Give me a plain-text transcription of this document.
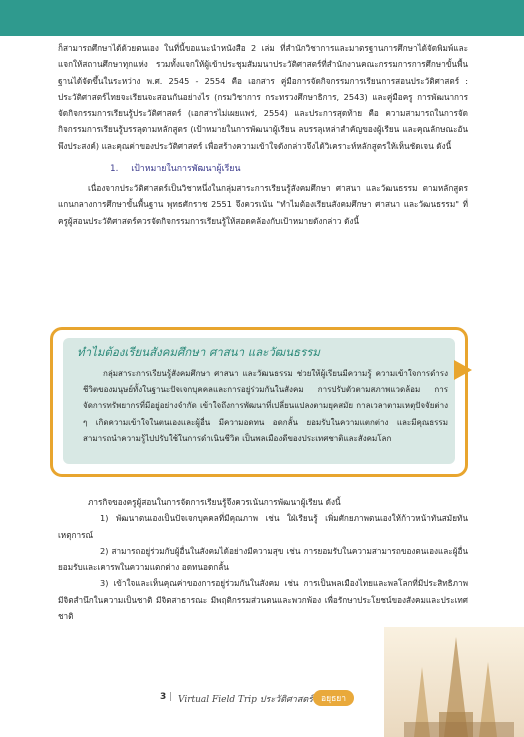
ก็สามารถศึกษาได้ด้วยตนเอง ในที่นี้ขอแนะนำหนังสือ 2 เล่ม ที่สำนักวิชาการและมาตรฐานการศึกษาได้จัดพิมพ์และแจกให้สถานศึกษาทุกแห่ง รวมทั้งแจกให้ผู้เข้าประชุมสัมมนาประวัติศาสตร์ที่สำนักงานคณะกรรมการการศึกษาขั้นพื้นฐานได้จัดขึ้นในระหว่าง พ.ศ. 2545 - 2554 คือ เอกสาร คู่มือการจัดกิจกรรมการเรียนการสอนประวัติศาสตร์ : ประวัติศาสตร์ไทยจะเรียนจะสอนกันอย่างไร (กรมวิชาการ กระทรวงศึกษาธิการ, 2543) และคู่มือครู การพัฒนาการจัดกิจกรรมการเรียนรู้ประวัติศาสตร์ (เอกสารไม่เผยแพร่, 2554) และประการสุดท้าย คือ ความสามารถในการจัดกิจกรรมการเรียนรู้บรรลุตามหลักสูตร (เป้าหมายในการพัฒนาผู้เรียน ลบรรลุเหล่าสำคัญของผู้เรียน และคุณลักษณะอันพึงประสงค์) และคุณค่าของประวัติศาสตร์ เพื่อสร้างความเข้าใจดังกล่าวจึงได้วิเคราะห์หลักสูตรให้เห็นชัดเจน ดังนี้

1. เป้าหมายในการพัฒนาผู้เรียน

เนื่องจากประวัติศาสตร์เป็นวิชาหนึ่งในกลุ่มสาระการเรียนรู้สังคมศึกษา ศาสนา และวัฒนธรรม ตามหลักสูตรแกนกลางการศึกษาขั้นพื้นฐาน พุทธศักราช 2551 จึงควรเน้น "ทำไมต้องเรียนสังคมศึกษา ศาสนา และวัฒนธรรม" ที่ครูผู้สอนประวัติศาสตร์ควรจัดกิจกรรมการเรียนรู้ให้สอดคล้องกับเป้าหมายดังกล่าว ดังนี้

ทำไมต้องเรียนสังคมศึกษา ศาสนา และวัฒนธรรม

กลุ่มสาระการเรียนรู้สังคมศึกษา ศาสนา และวัฒนธรรม ช่วยให้ผู้เรียนมีความรู้ ความเข้าใจการดำรงชีวิตของมนุษย์ทั้งในฐานะปัจเจกบุคคลและการอยู่ร่วมกันในสังคม การปรับตัวตามสภาพแวดล้อม การจัดการทรัพยากรที่มีอยู่อย่างจำกัด เข้าใจถึงการพัฒนาที่เปลี่ยนแปลงตามยุคสมัย กาลเวลาตามเหตุปัจจัยต่าง ๆ เกิดความเข้าใจในตนเองและผู้อื่น มีความอดทน อดกลั้น ยอมรับในความแตกต่าง และมีคุณธรรม สามารถนำความรู้ไปปรับใช้ในการดำเนินชีวิต เป็นพลเมืองดีของประเทศชาติและสังคมโลก

ภารกิจของครูผู้สอนในการจัดการเรียนรู้จึงควรเน้นการพัฒนาผู้เรียน ดังนี้

1) พัฒนาตนเองเป็นปัจเจกบุคคลที่มีคุณภาพ เช่น ใฝ่เรียนรู้ เพิ่มศักยภาพตนเองให้ก้าวหน้าทันสมัยทันเหตุการณ์

2) สามารถอยู่ร่วมกับผู้อื่นในสังคมได้อย่างมีความสุข เช่น การยอมรับในความสามารถของตนเองและผู้อื่น ยอมรับและเคารพในความแตกต่าง อดทนอดกลั้น

3) เข้าใจและเห็นคุณค่าของการอยู่ร่วมกันในสังคม เช่น การเป็นพลเมืองไทยและพลโลกที่มีประสิทธิภาพ มีจิตสำนึกในความเป็นชาติ มีจิตสาธารณะ มีพฤติกรรมส่วนตนและพวกพ้อง เพื่อรักษาประโยชน์ของสังคมและประเทศชาติ

3 | Virtual Field Trip ประวัติศาสตร์ อยุธยา
